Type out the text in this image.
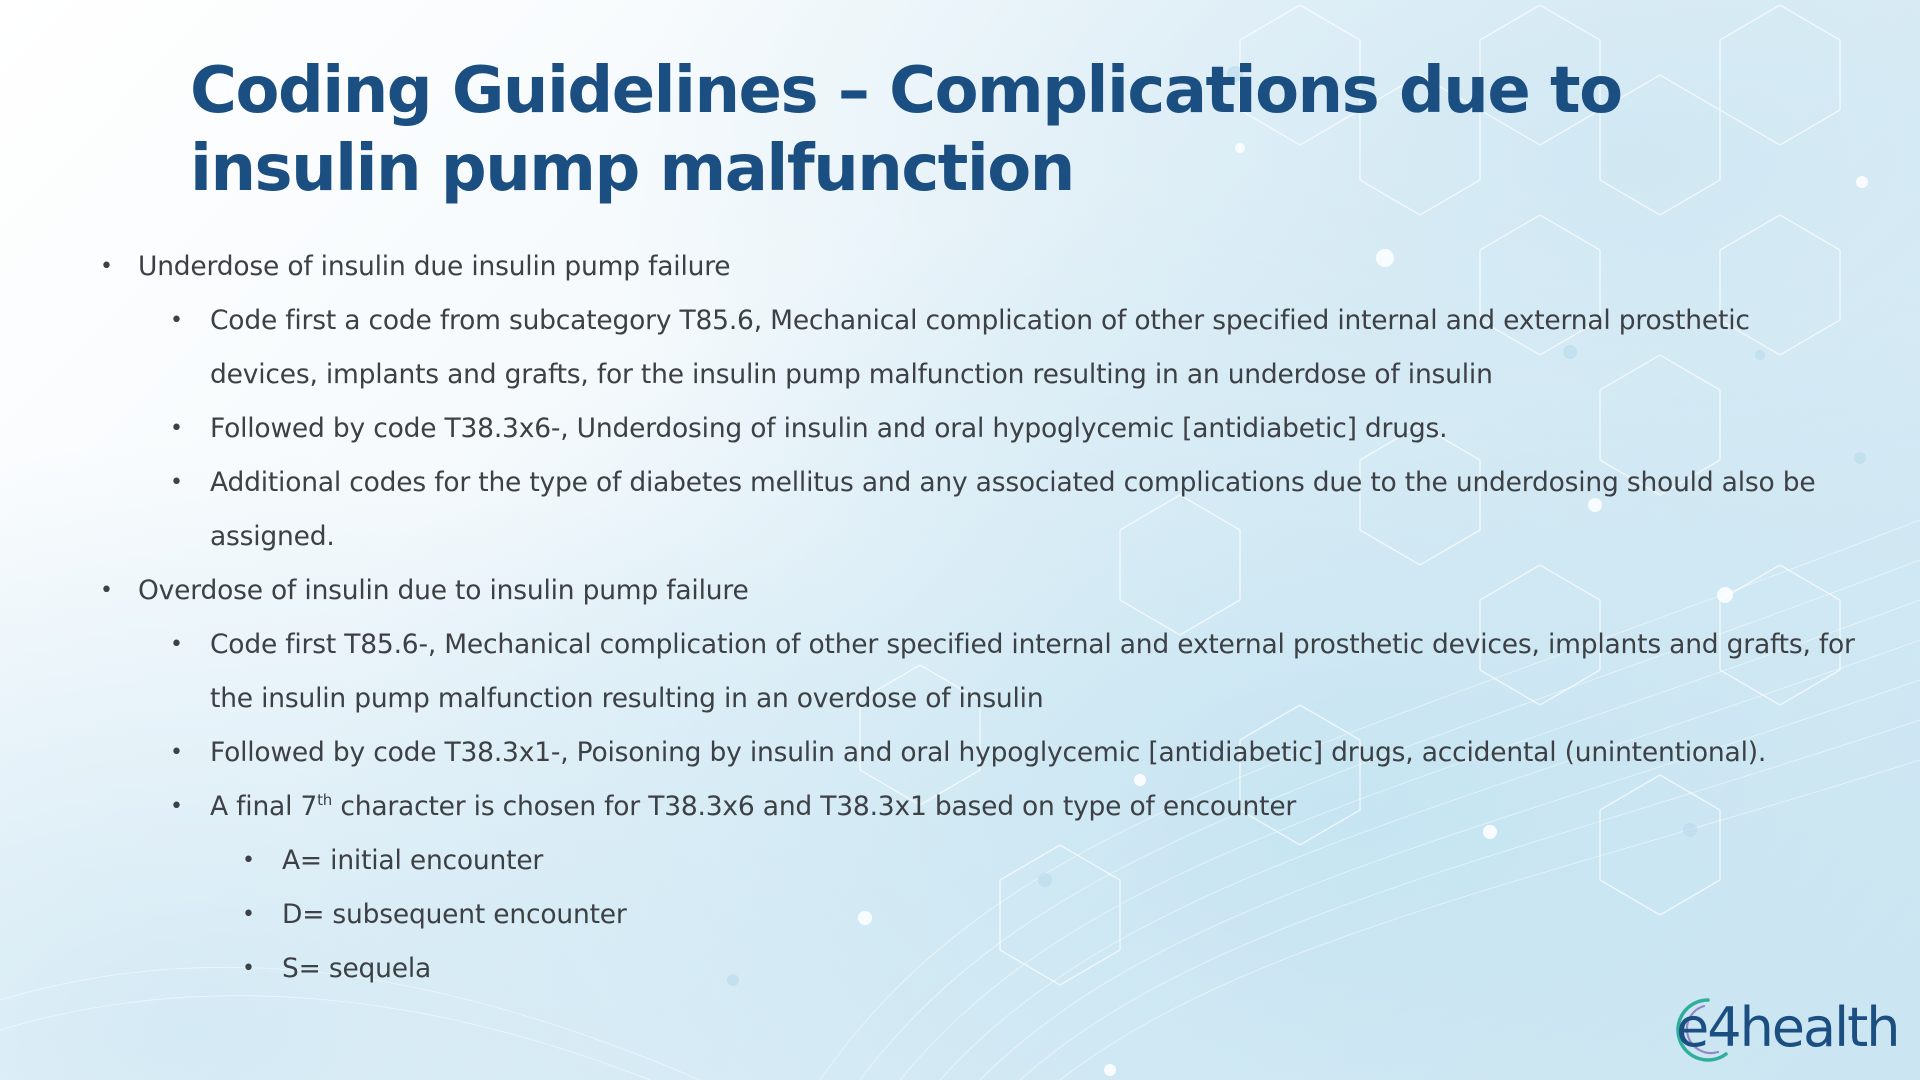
Coding Guidelines – Complications due to insulin pump malfunction

• Underdose of insulin due insulin pump failure

• Code first a code from subcategory T85.6, Mechanical complication of other specified internal and external prosthetic devices, implants and grafts, for the insulin pump malfunction resulting in an underdose of insulin

• Followed by code T38.3x6-, Underdosing of insulin and oral hypoglycemic [antidiabetic] drugs.

• Additional codes for the type of diabetes mellitus and any associated complications due to the underdosing should also be assigned.

• Overdose of insulin due to insulin pump failure

• Code first T85.6-, Mechanical complication of other specified internal and external prosthetic devices, implants and grafts, for the insulin pump malfunction resulting in an overdose of insulin

• Followed by code T38.3x1-, Poisoning by insulin and oral hypoglycemic [antidiabetic] drugs, accidental (unintentional).

• A final 7th character is chosen for T38.3x6 and T38.3x1 based on type of encounter

• A= initial encounter

• D= subsequent encounter

• S= sequela

e4health
